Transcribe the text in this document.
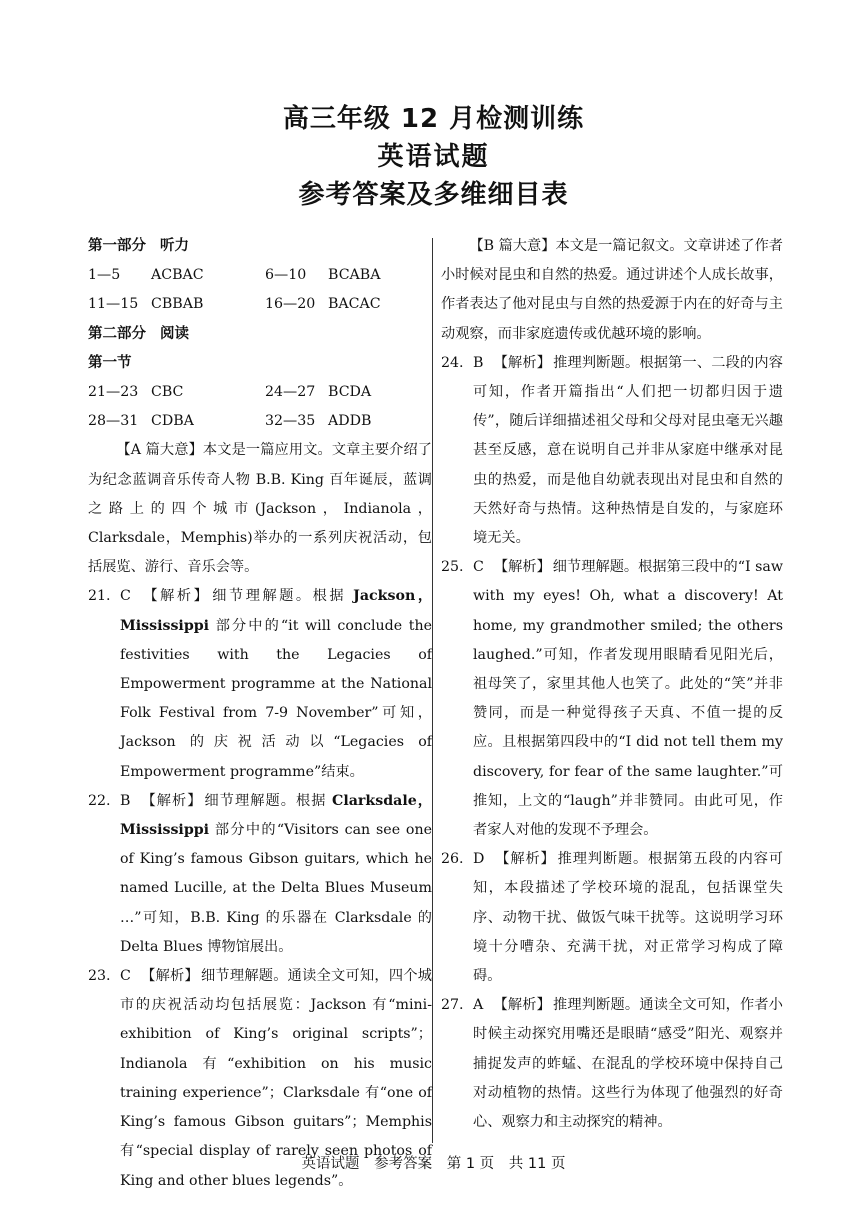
高三年级 12 月检测训练
英语试题
参考答案及多维细目表
第一部分 听力
1—5	ACBAC	6—10	BCABA
11—15 CBBAB	16—20 BACAC
第二部分 阅读
第一节
21—23 CBC	24—27 BCDA
28—31 CDBA	32—35 ADDB
【A 篇大意】本文是一篇应用文。文章主要介绍了为纪念蓝调音乐传奇人物 B.B. King 百年诞辰，蓝调之路上的四个城市(Jackson，Indianola，Clarksdale，Memphis)举办的一系列庆祝活动，包括展览、游行、音乐会等。
21. C 【解析】 细节理解题。根据 Jackson，Mississippi 部分中的“it will conclude the festivities with the Legacies of Empowerment programme at the National Folk Festival from 7-9 November”可知，Jackson 的庆祝活动以“Legacies of Empowerment programme”结束。
22. B 【解析】 细节理解题。根据 Clarksdale，Mississippi 部分中的“Visitors can see one of King’s famous Gibson guitars, which he named Lucille, at the Delta Blues Museum …”可知，B.B. King 的乐器在 Clarksdale 的 Delta Blues 博物馆展出。
23. C 【解析】 细节理解题。通读全文可知，四个城市的庆祝活动均包括展览：Jackson 有“mini-exhibition of King’s original scripts”；Indianola 有“exhibition on his music training experience”；Clarksdale 有“one of King’s famous Gibson guitars”；Memphis 有“special display of rarely seen photos of King and other blues legends”。
【B 篇大意】本文是一篇记叙文。文章讲述了作者小时候对昆虫和自然的热爱。通过讲述个人成长故事，作者表达了他对昆虫与自然的热爱源于内在的好奇与主动观察，而非家庭遗传或优越环境的影响。
24. B 【解析】 推理判断题。根据第一、二段的内容可知，作者开篇指出“人们把一切都归因于遗传”，随后详细描述祖父母和父母对昆虫毫无兴趣甚至反感，意在说明自己并非从家庭中继承对昆虫的热爱，而是他自幼就表现出对昆虫和自然的天然好奇与热情。这种热情是自发的，与家庭环境无关。
25. C 【解析】 细节理解题。根据第三段中的“I saw with my eyes! Oh, what a discovery! At home, my grandmother smiled; the others laughed.”可知，作者发现用眼睛看见阳光后，祖母笑了，家里其他人也笑了。此处的“笑”并非赞同，而是一种觉得孩子天真、不值一提的反应。且根据第四段中的“I did not tell them my discovery, for fear of the same laughter.”可推知，上文的“laugh”并非赞同。由此可见，作者家人对他的发现不予理会。
26. D 【解析】 推理判断题。根据第五段的内容可知，本段描述了学校环境的混乱，包括课堂失序、动物干扰、做饭气味干扰等。这说明学习环境十分嘈杂、充满干扰，对正常学习构成了障碍。
27. A 【解析】 推理判断题。通读全文可知，作者小时候主动探究用嘴还是眼睛“感受”阳光、观察并捕捉发声的蚱蜢、在混乱的学校环境中保持自己对动植物的热情。这些行为体现了他强烈的好奇心、观察力和主动探究的精神。
英语试题 参考答案 第 1 页 共 11 页
